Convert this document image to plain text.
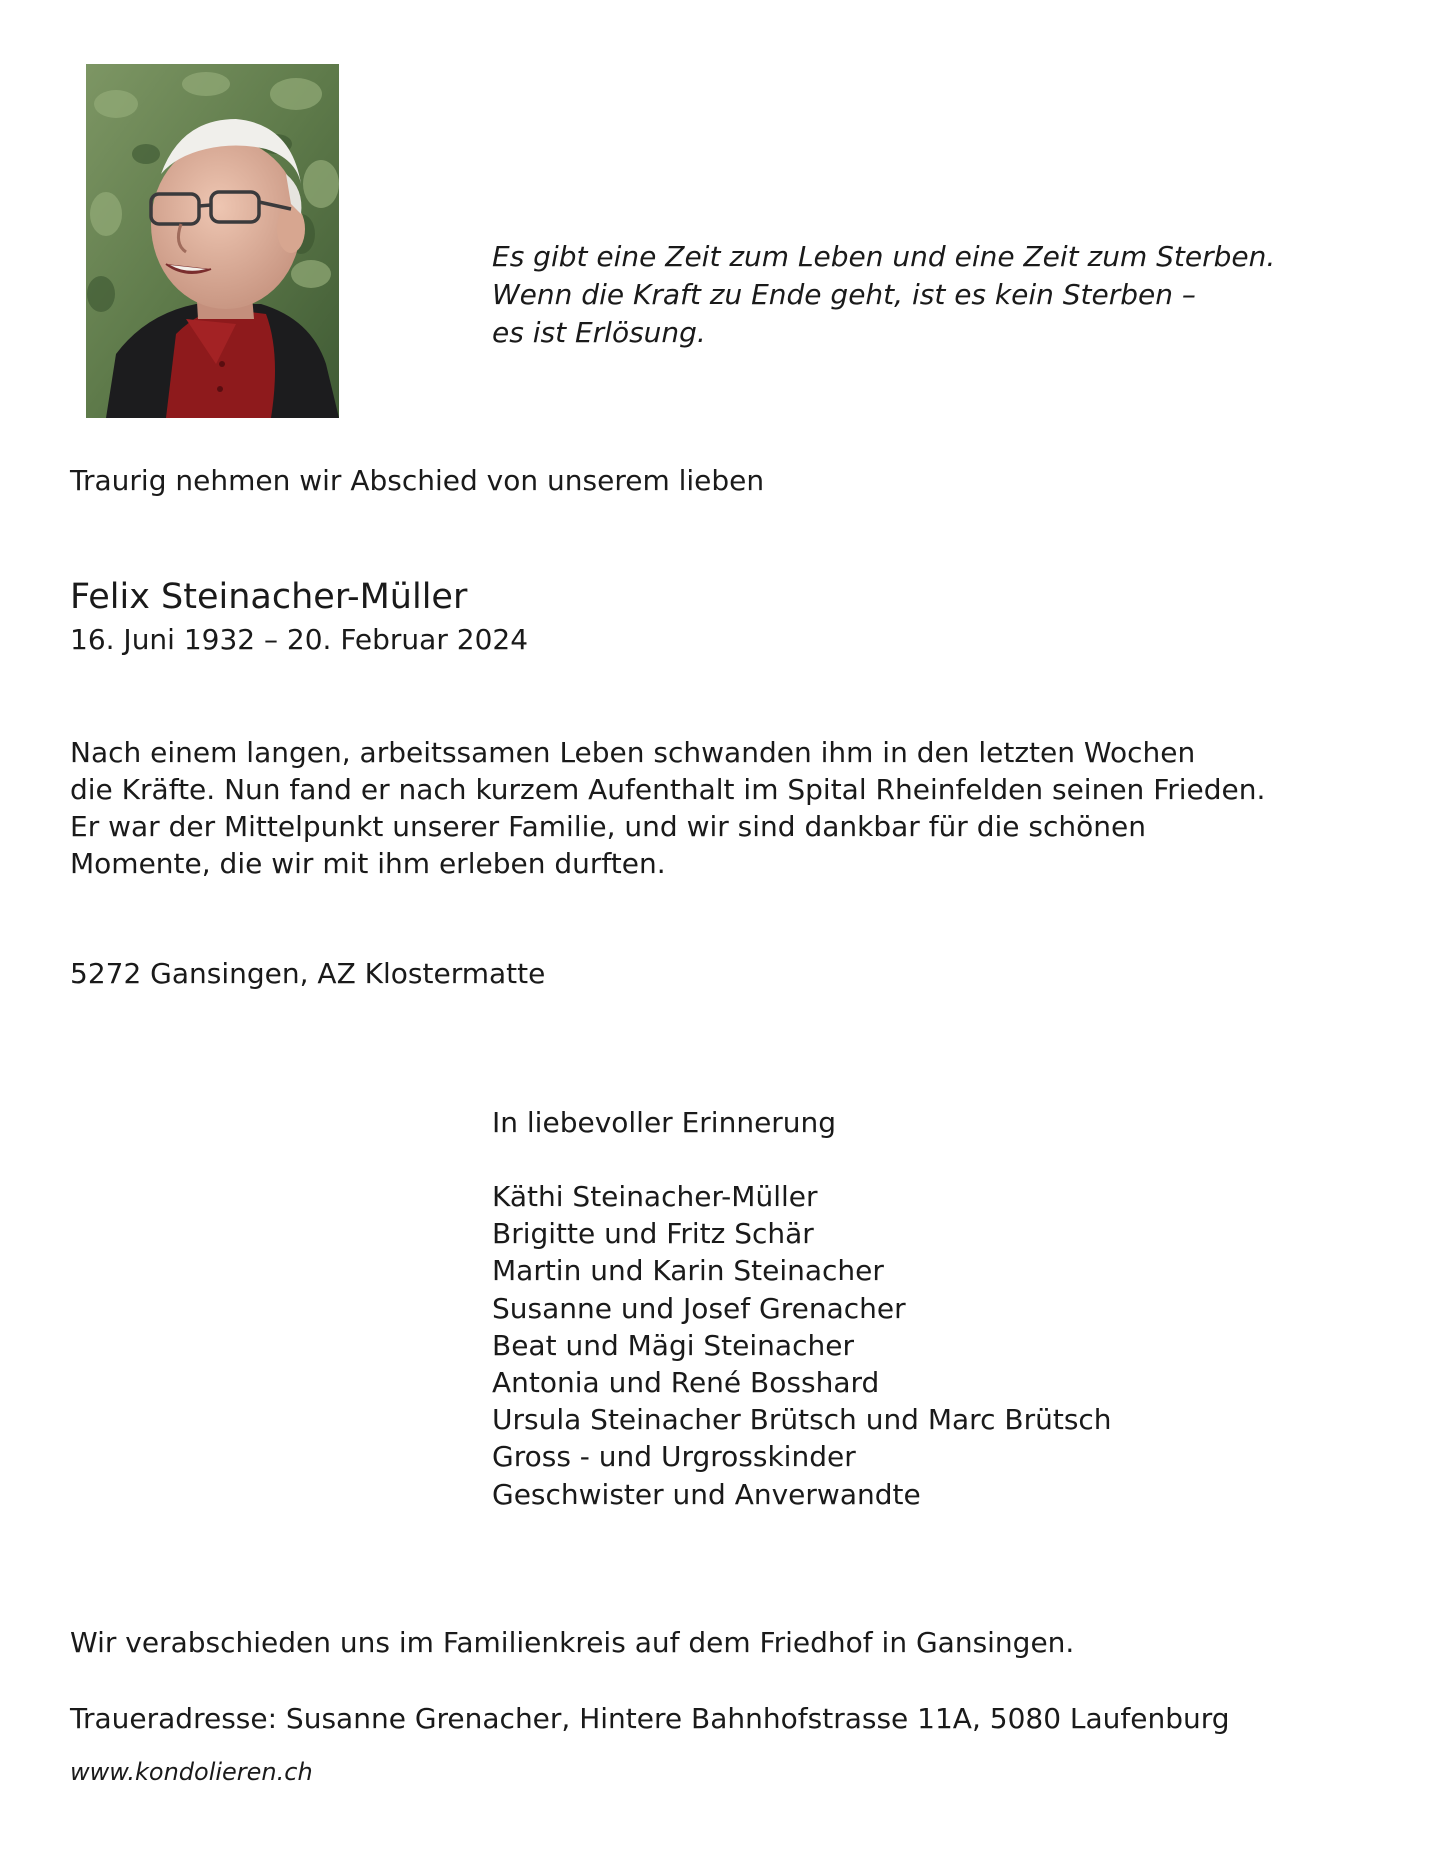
Es gibt eine Zeit zum Leben und eine Zeit zum Sterben.
Wenn die Kraft zu Ende geht, ist es kein Sterben –
es ist Erlösung.
Traurig nehmen wir Abschied von unserem lieben
Felix Steinacher-Müller
16. Juni 1932 – 20. Februar 2024
Nach einem langen, arbeitssamen Leben schwanden ihm in den letzten Wochen
die Kräfte. Nun fand er nach kurzem Aufenthalt im Spital Rheinfelden seinen Frieden.
Er war der Mittelpunkt unserer Familie, und wir sind dankbar für die schönen
Momente, die wir mit ihm erleben durften.
5272 Gansingen, AZ Klostermatte
In liebevoller Erinnerung
Käthi Steinacher-Müller
Brigitte und Fritz Schär
Martin und Karin Steinacher
Susanne und Josef Grenacher
Beat und Mägi Steinacher
Antonia und René Bosshard
Ursula Steinacher Brütsch und Marc Brütsch
Gross - und Urgrosskinder
Geschwister und Anverwandte
Wir verabschieden uns im Familienkreis auf dem Friedhof in Gansingen.
Traueradresse: Susanne Grenacher, Hintere Bahnhofstrasse 11A, 5080 Laufenburg
www.kondolieren.ch
